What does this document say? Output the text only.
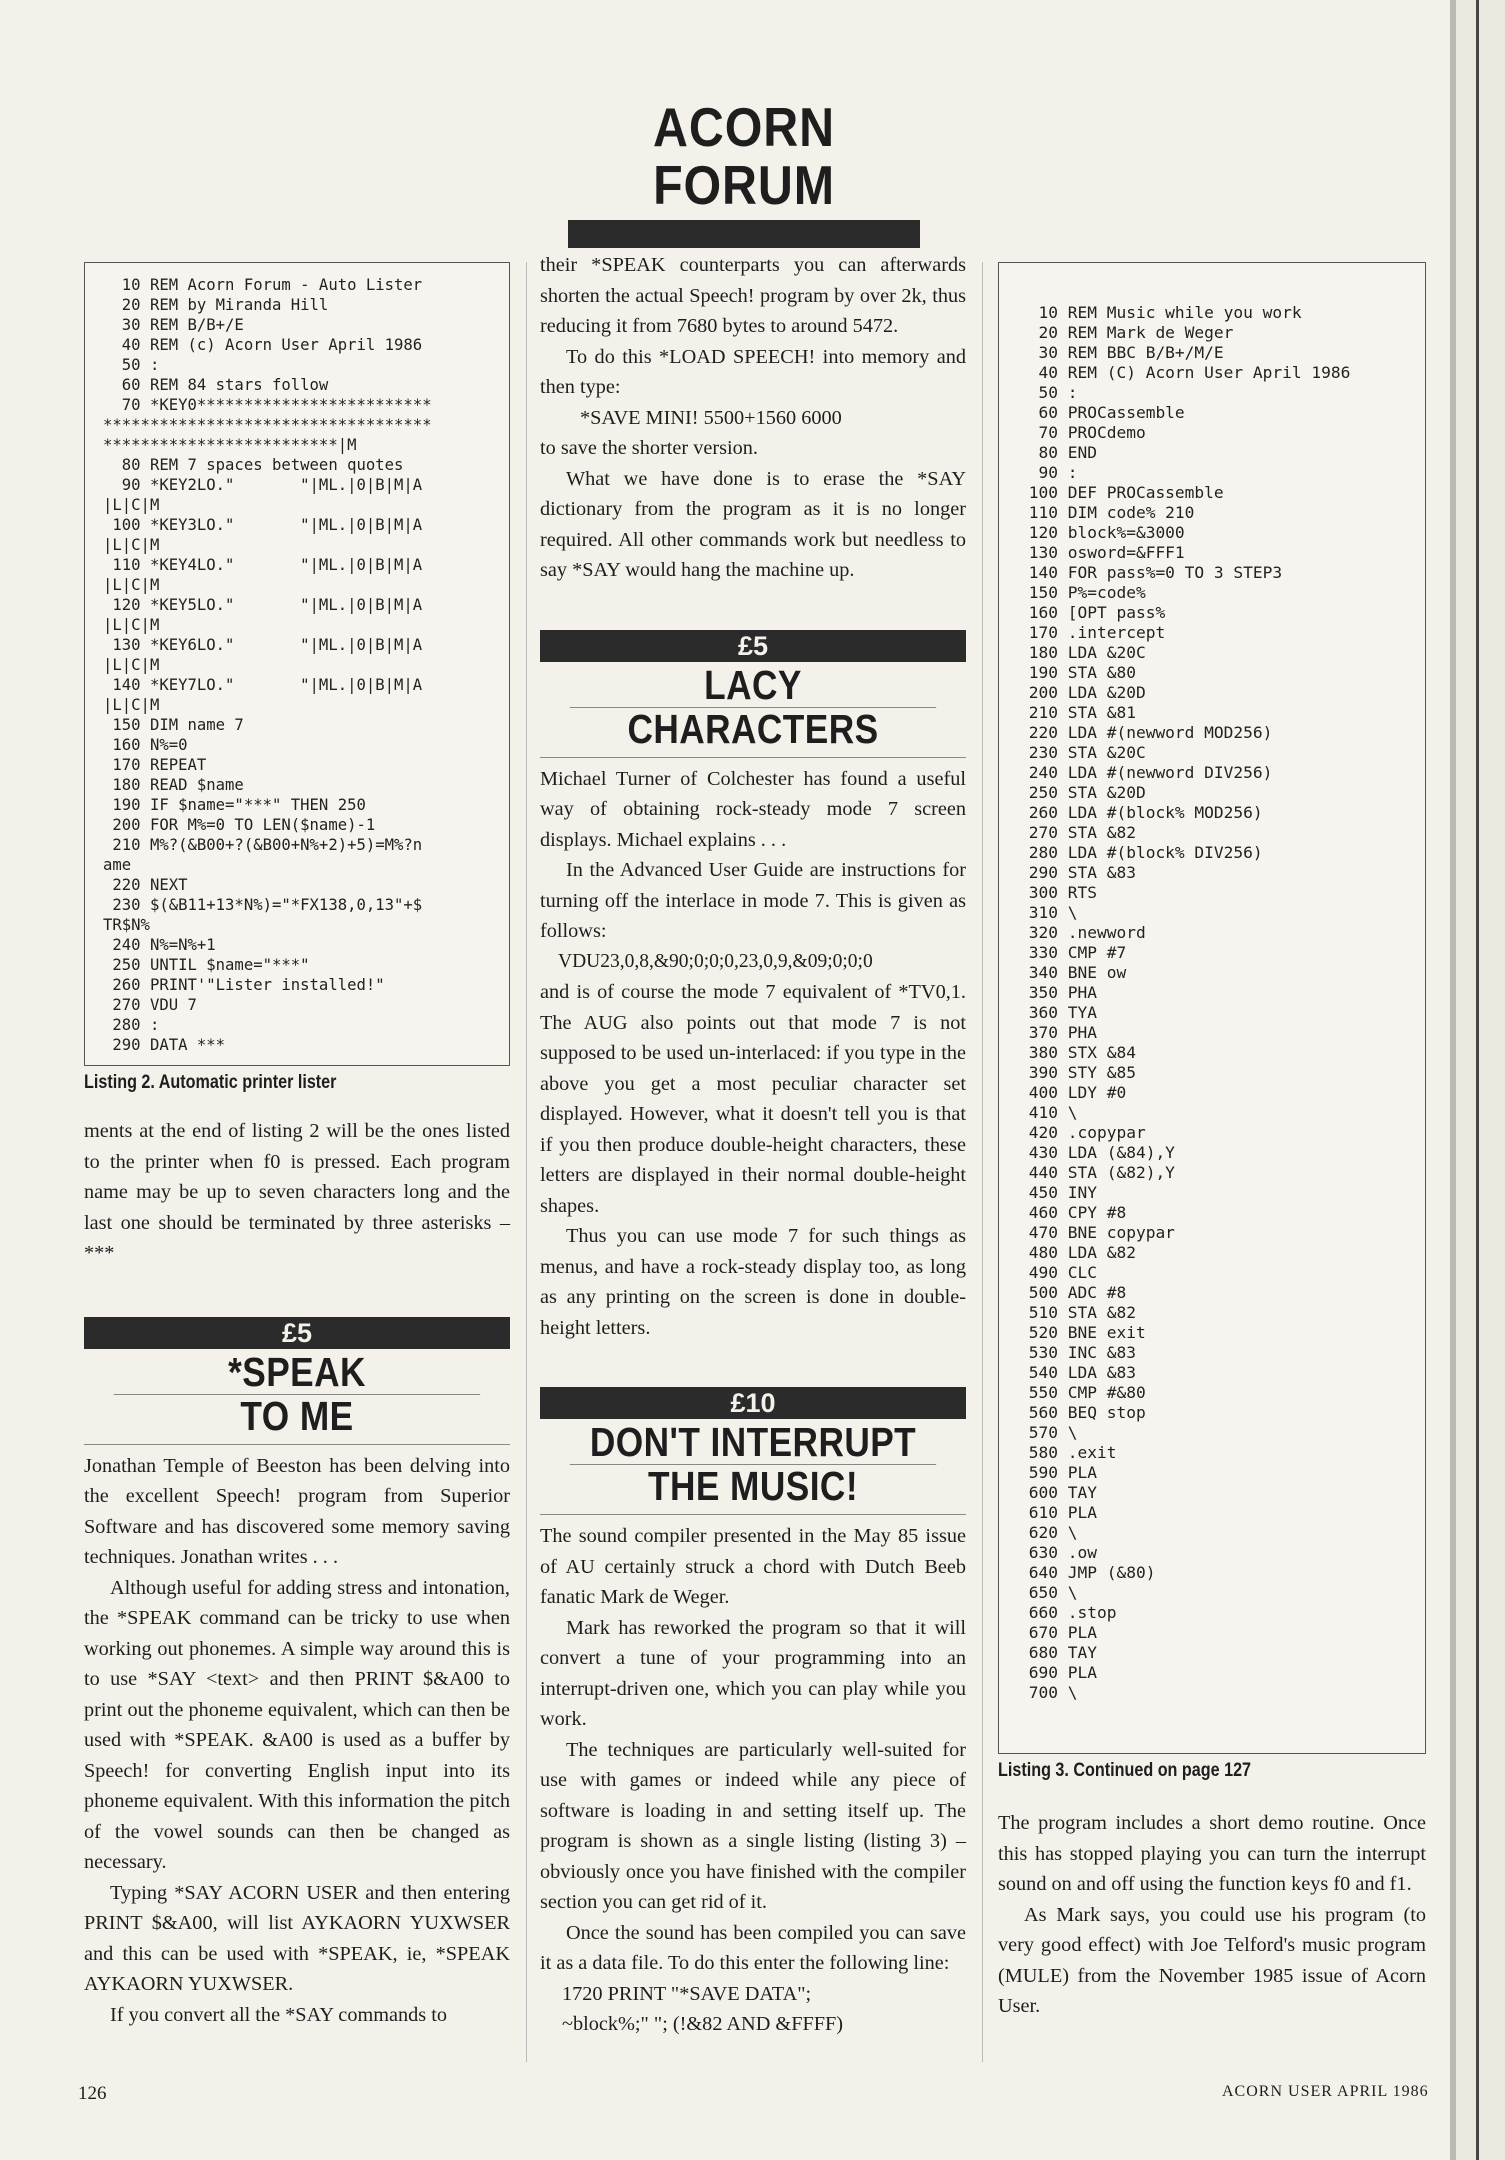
ACORN FORUM
10 REM Acorn Forum - Auto Lister
20 REM by Miranda Hill
30 REM B/B+/E
40 REM (c) Acorn User April 1986
50 :
60 REM 84 stars follow
70 *KEY0*************************
***********************************
*************************|M
80 REM 7 spaces between quotes
90 *KEY2LO."       "|ML.|0|B|M|A
|L|C|M
100 *KEY3LO."       "|ML.|0|B|M|A
|L|C|M
110 *KEY4LO."       "|ML.|0|B|M|A
|L|C|M
120 *KEY5LO."       "|ML.|0|B|M|A
|L|C|M
130 *KEY6LO."       "|ML.|0|B|M|A
|L|C|M
140 *KEY7LO."       "|ML.|0|B|M|A
|L|C|M
150 DIM name 7
160 N%=0
170 REPEAT
180 READ $name
190 IF $name="***" THEN 250
200 FOR M%=0 TO LEN($name)-1
210 M%?(&B00+?(&B00+N%+2)+5)=M%?n
ame
220 NEXT
230 $(&B11+13*N%)="*FX138,0,13"+$
TR$N%
240 N%=N%+1
250 UNTIL $name="***"
260 PRINT'"Lister installed!"
270 VDU 7
280 :
290 DATA ***
Listing 2. Automatic printer lister

ments at the end of listing 2 will be the ones listed to the printer when f0 is pressed. Each program name may be up to seven characters long and the last one should be terminated by three asterisks – ***

£5
*SPEAK
TO ME

Jonathan Temple of Beeston has been delving into the excellent Speech! program from Superior Software and has discovered some memory saving techniques. Jonathan writes . . .

Although useful for adding stress and intonation, the *SPEAK command can be tricky to use when working out phonemes. A simple way around this is to use *SAY <text> and then PRINT $&A00 to print out the phoneme equivalent, which can then be used with *SPEAK. &A00 is used as a buffer by Speech! for converting English input into its phoneme equivalent. With this information the pitch of the vowel sounds can then be changed as necessary.

Typing *SAY ACORN USER and then entering PRINT $&A00, will list AYKAORN YUXWSER and this can be used with *SPEAK, ie, *SPEAK AYKAORN YUXWSER.

If you convert all the *SAY commands to

their *SPEAK counterparts you can afterwards shorten the actual Speech! program by over 2k, thus reducing it from 7680 bytes to around 5472.

To do this *LOAD SPEECH! into memory and then type:

*SAVE MINI! 5500+1560 6000

to save the shorter version.

What we have done is to erase the *SAY dictionary from the program as it is no longer required. All other commands work but needless to say *SAY would hang the machine up.

£5
LACY
CHARACTERS

Michael Turner of Colchester has found a useful way of obtaining rock-steady mode 7 screen displays. Michael explains . . .

In the Advanced User Guide are instructions for turning off the interlace in mode 7. This is given as follows:

VDU23,0,8,&90;0;0;0,23,0,9,&09;0;0;0

and is of course the mode 7 equivalent of *TV0,1. The AUG also points out that mode 7 is not supposed to be used un-interlaced: if you type in the above you get a most peculiar character set displayed. However, what it doesn't tell you is that if you then produce double-height characters, these letters are displayed in their normal double-height shapes.

Thus you can use mode 7 for such things as menus, and have a rock-steady display too, as long as any printing on the screen is done in double-height letters.

£10
DON'T INTERRUPT
THE MUSIC!

The sound compiler presented in the May 85 issue of AU certainly struck a chord with Dutch Beeb fanatic Mark de Weger.

Mark has reworked the program so that it will convert a tune of your programming into an interrupt-driven one, which you can play while you work.

The techniques are particularly well-suited for use with games or indeed while any piece of software is loading in and setting itself up. The program is shown as a single listing (listing 3) – obviously once you have finished with the compiler section you can get rid of it.

Once the sound has been compiled you can save it as a data file. To do this enter the following line:

1720 PRINT "*SAVE DATA";

~block%;" "; (!&82 AND &FFFF)

10 REM Music while you work
20 REM Mark de Weger
30 REM BBC B/B+/M/E
40 REM (C) Acorn User April 1986
50 :
60 PROCassemble
70 PROCdemo
80 END
90 :
100 DEF PROCassemble
110 DIM code% 210
120 block%=&3000
130 osword=&FFF1
140 FOR pass%=0 TO 3 STEP3
150 P%=code%
160 [OPT pass%
170 .intercept
180 LDA &20C
190 STA &80
200 LDA &20D
210 STA &81
220 LDA #(newword MOD256)
230 STA &20C
240 LDA #(newword DIV256)
250 STA &20D
260 LDA #(block% MOD256)
270 STA &82
280 LDA #(block% DIV256)
290 STA &83
300 RTS
310 \
320 .newword
330 CMP #7
340 BNE ow
350 PHA
360 TYA
370 PHA
380 STX &84
390 STY &85
400 LDY #0
410 \
420 .copypar
430 LDA (&84),Y
440 STA (&82),Y
450 INY
460 CPY #8
470 BNE copypar
480 LDA &82
490 CLC
500 ADC #8
510 STA &82
520 BNE exit
530 INC &83
540 LDA &83
550 CMP #&80
560 BEQ stop
570 \
580 .exit
590 PLA
600 TAY
610 PLA
620 \
630 .ow
640 JMP (&80)
650 \
660 .stop
670 PLA
680 TAY
690 PLA
700 \
Listing 3. Continued on page 127

The program includes a short demo routine. Once this has stopped playing you can turn the interrupt sound on and off using the function keys f0 and f1.

As Mark says, you could use his program (to very good effect) with Joe Telford's music program (MULE) from the November 1985 issue of Acorn User.

126	ACORN USER APRIL 1986
